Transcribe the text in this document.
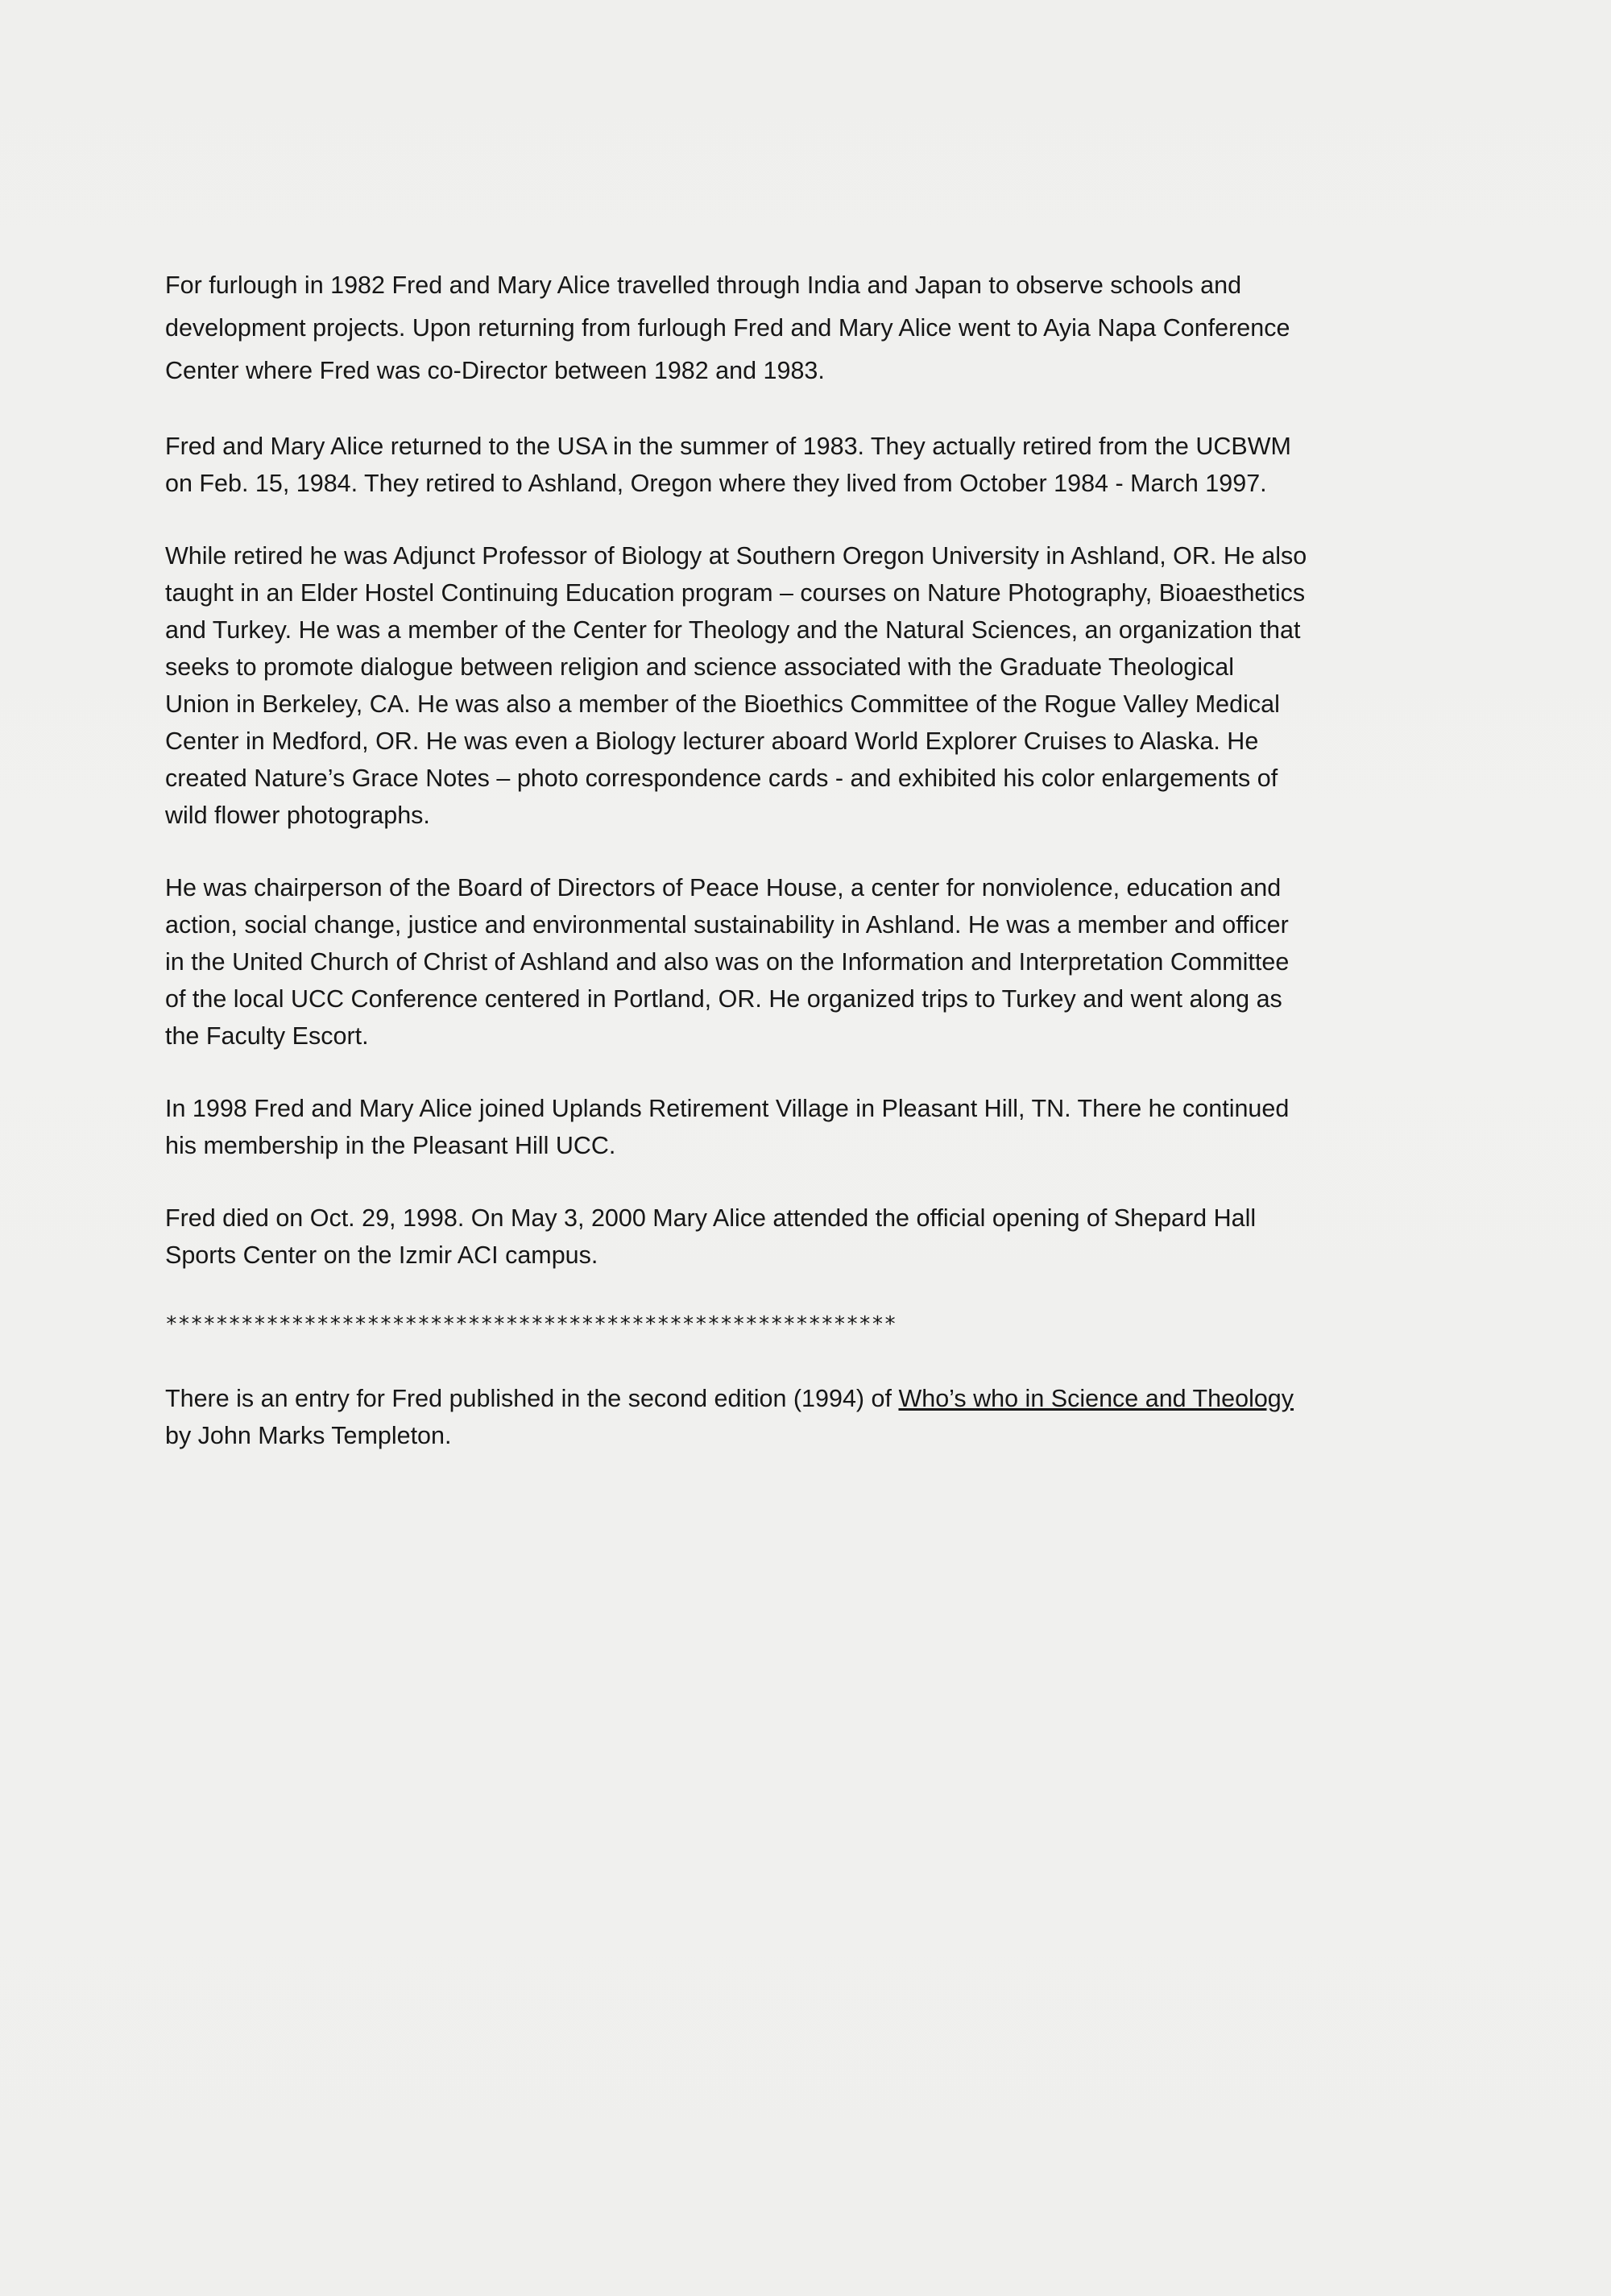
For furlough in 1982 Fred and Mary Alice travelled through India and Japan to observe schools and
development projects. Upon returning from furlough Fred and Mary Alice went to Ayia Napa Conference
Center where Fred was co-Director between 1982 and 1983.

Fred and Mary Alice returned to the USA in the summer of 1983. They actually retired from the UCBWM
on Feb. 15, 1984. They retired to Ashland, Oregon where they lived from October 1984 - March 1997.

While retired he was Adjunct Professor of Biology at Southern Oregon University in Ashland, OR. He also
taught in an Elder Hostel Continuing Education program – courses on Nature Photography, Bioaesthetics
and Turkey. He was a member of the Center for Theology and the Natural Sciences, an organization that
seeks to promote dialogue between religion and science associated with the Graduate Theological
Union in Berkeley, CA. He was also a member of the Bioethics Committee of the Rogue Valley Medical
Center in Medford, OR. He was even a Biology lecturer aboard World Explorer Cruises to Alaska. He
created Nature’s Grace Notes – photo correspondence cards - and exhibited his color enlargements of
wild flower photographs.

He was chairperson of the Board of Directors of Peace House, a center for nonviolence, education and
action, social change, justice and environmental sustainability in Ashland. He was a member and officer
in the United Church of Christ of Ashland and also was on the Information and Interpretation Committee
of the local UCC Conference centered in Portland, OR. He organized trips to Turkey and went along as
the Faculty Escort.

In 1998 Fred and Mary Alice joined Uplands Retirement Village in Pleasant Hill, TN. There he continued
his membership in the Pleasant Hill UCC.

Fred died on Oct. 29, 1998. On May 3, 2000 Mary Alice attended the official opening of Shepard Hall
Sports Center on the Izmir ACI campus.

**********************************************************

There is an entry for Fred published in the second edition (1994) of Who’s who in Science and Theology
by John Marks Templeton.
